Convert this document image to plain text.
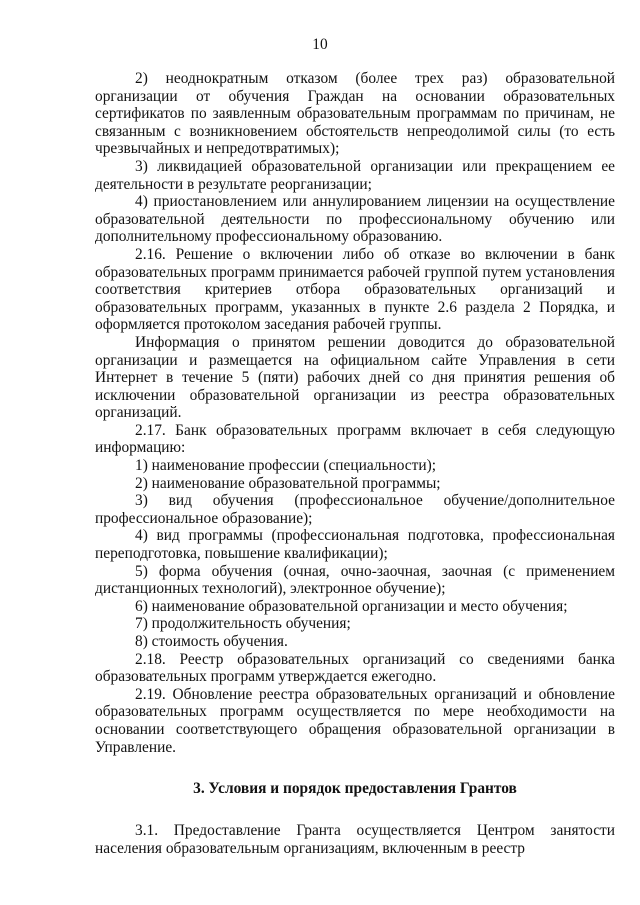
10

2) неоднократным отказом (более трех раз) образовательной организации от обучения Граждан на основании образовательных сертификатов по заявленным образовательным программам по причинам, не связанным с возникновением обстоятельств непреодолимой силы (то есть чрезвычайных и непредотвратимых);

3) ликвидацией образовательной организации или прекращением ее деятельности в результате реорганизации;

4) приостановлением или аннулированием лицензии на осуществление образовательной деятельности по профессиональному обучению или дополнительному профессиональному образованию.

2.16. Решение о включении либо об отказе во включении в банк образовательных программ принимается рабочей группой путем установления соответствия критериев отбора образовательных организаций и образовательных программ, указанных в пункте 2.6 раздела 2 Порядка, и оформляется протоколом заседания рабочей группы.

Информация о принятом решении доводится до образовательной организации и размещается на официальном сайте Управления в сети Интернет в течение 5 (пяти) рабочих дней со дня принятия решения об исключении образовательной организации из реестра образовательных организаций.

2.17. Банк образовательных программ включает в себя следующую информацию:

1) наименование профессии (специальности);

2) наименование образовательной программы;

3) вид обучения (профессиональное обучение/дополнительное профессиональное образование);

4) вид программы (профессиональная подготовка, профессиональная переподготовка, повышение квалификации);

5) форма обучения (очная, очно-заочная, заочная (с применением дистанционных технологий), электронное обучение);

6) наименование образовательной организации и место обучения;

7) продолжительность обучения;

8) стоимость обучения.

2.18. Реестр образовательных организаций со сведениями банка образовательных программ утверждается ежегодно.

2.19. Обновление реестра образовательных организаций и обновление образовательных программ осуществляется по мере необходимости на основании соответствующего обращения образовательной организации в Управление.

3. Условия и порядок предоставления Грантов

3.1. Предоставление Гранта осуществляется Центром занятости населения образовательным организациям, включенным в реестр
